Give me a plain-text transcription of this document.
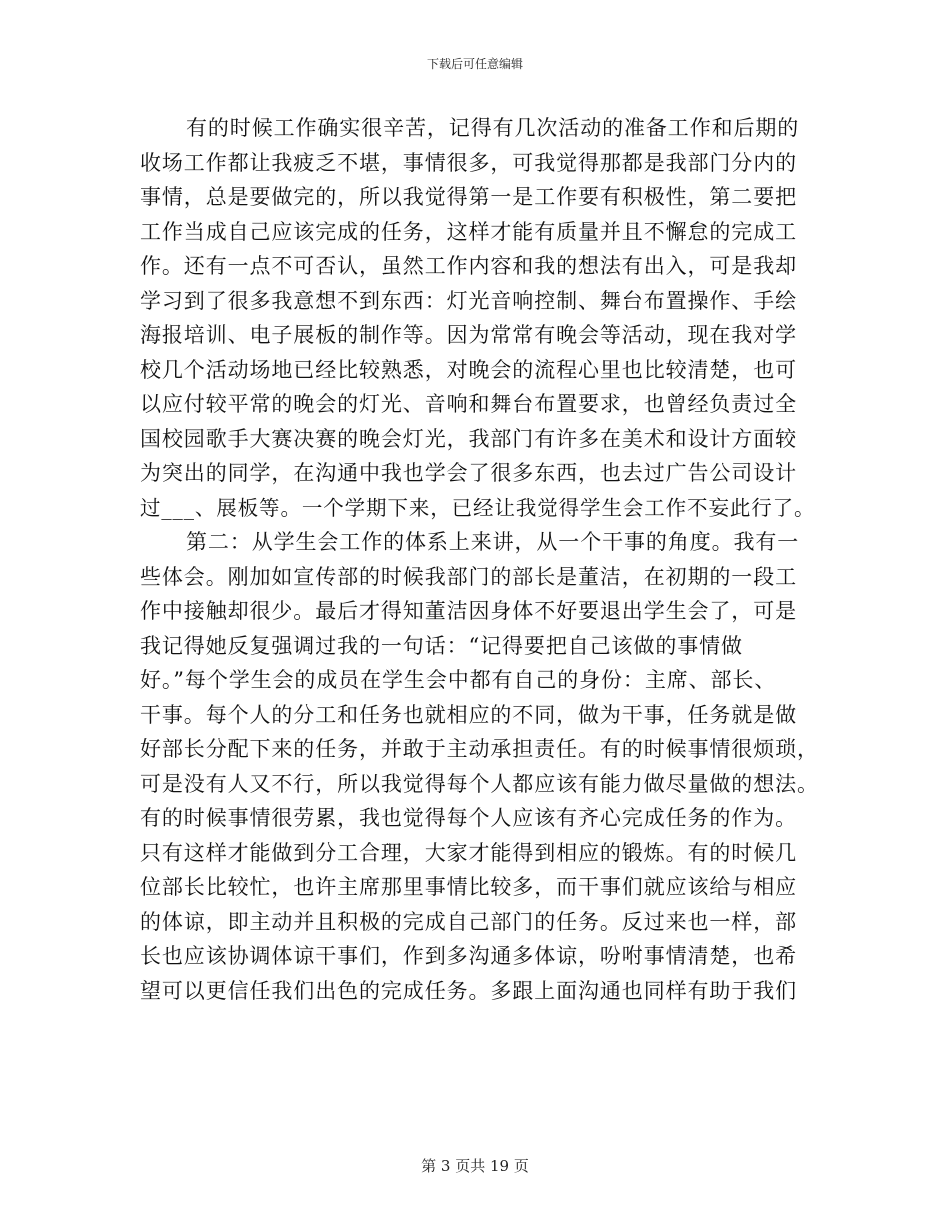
下载后可任意编辑
有的时候工作确实很辛苦，记得有几次活动的准备工作和后期的
收场工作都让我疲乏不堪，事情很多，可我觉得那都是我部门分内的
事情，总是要做完的，所以我觉得第一是工作要有积极性，第二要把
工作当成自己应该完成的任务，这样才能有质量并且不懈怠的完成工
作。还有一点不可否认，虽然工作内容和我的想法有出入，可是我却
学习到了很多我意想不到东西：灯光音响控制、舞台布置操作、手绘
海报培训、电子展板的制作等。因为常常有晚会等活动，现在我对学
校几个活动场地已经比较熟悉，对晚会的流程心里也比较清楚，也可
以应付较平常的晚会的灯光、音响和舞台布置要求，也曾经负责过全
国校园歌手大赛决赛的晚会灯光，我部门有许多在美术和设计方面较
为突出的同学，在沟通中我也学会了很多东西，也去过广告公司设计
过___、展板等。一个学期下来，已经让我觉得学生会工作不妄此行了。
第二：从学生会工作的体系上来讲，从一个干事的角度。我有一
些体会。刚加如宣传部的时候我部门的部长是董洁，在初期的一段工
作中接触却很少。最后才得知董洁因身体不好要退出学生会了，可是
我记得她反复强调过我的一句话：“记得要把自己该做的事情做
好。”每个学生会的成员在学生会中都有自己的身份：主席、部长、
干事。每个人的分工和任务也就相应的不同，做为干事，任务就是做
好部长分配下来的任务，并敢于主动承担责任。有的时候事情很烦琐，
可是没有人又不行，所以我觉得每个人都应该有能力做尽量做的想法。
有的时候事情很劳累，我也觉得每个人应该有齐心完成任务的作为。
只有这样才能做到分工合理，大家才能得到相应的锻炼。有的时候几
位部长比较忙，也许主席那里事情比较多，而干事们就应该给与相应
的体谅，即主动并且积极的完成自己部门的任务。反过来也一样，部
长也应该协调体谅干事们，作到多沟通多体谅，吩咐事情清楚，也希
望可以更信任我们出色的完成任务。多跟上面沟通也同样有助于我们
第 3 页共 19 页
